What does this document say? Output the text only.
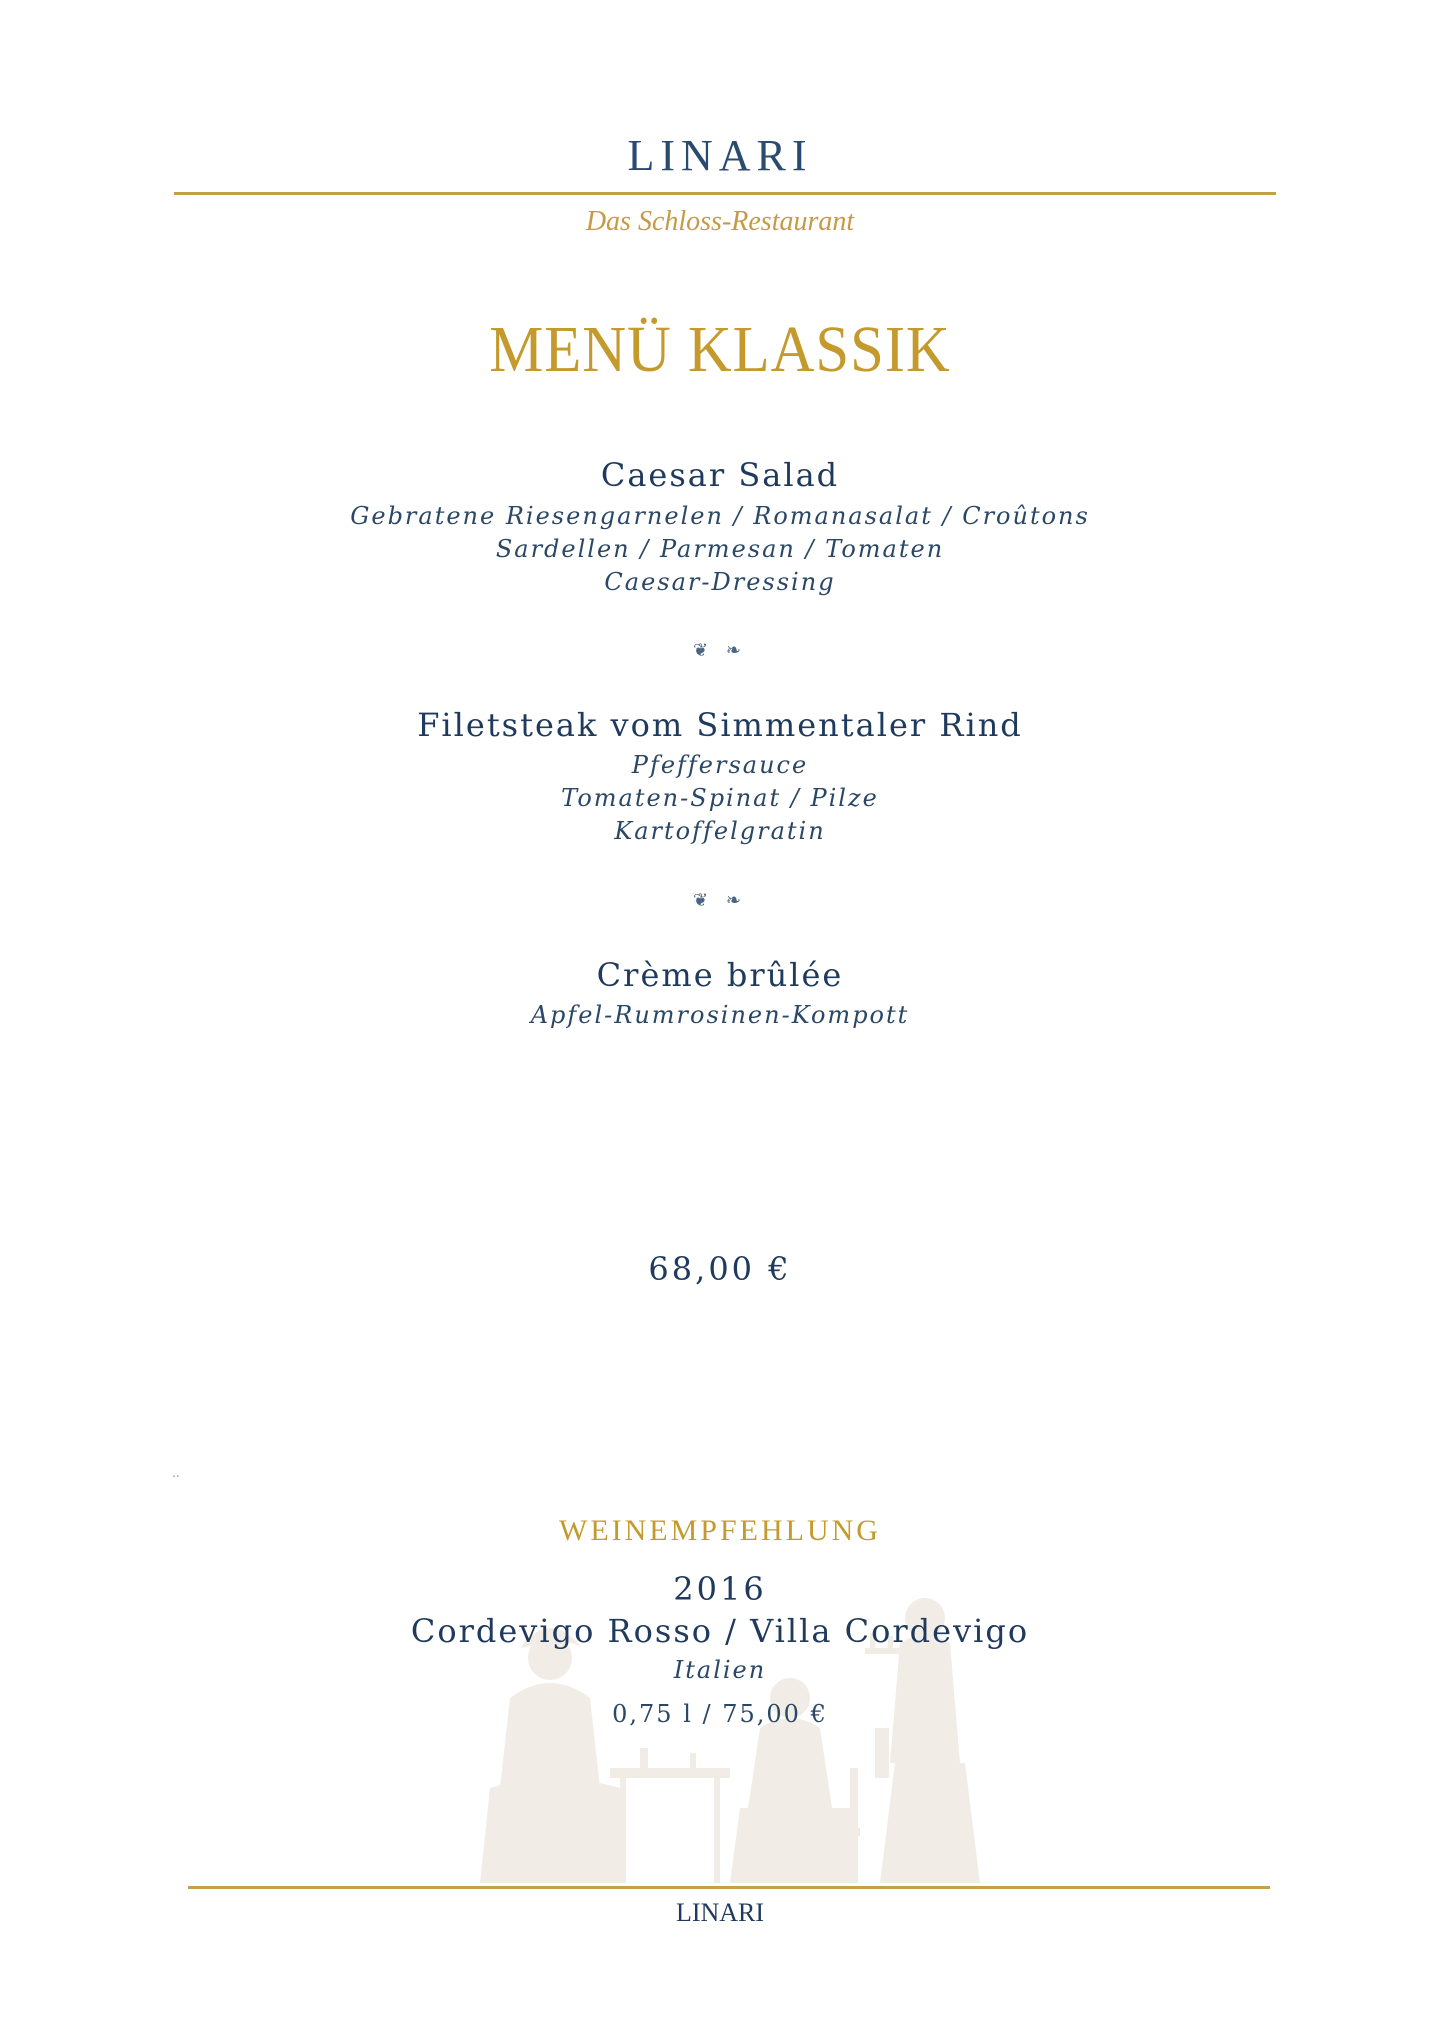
LINARI
Das Schloss-Restaurant
MENÜ KLASSIK
Caesar Salad
Gebratene Riesengarnelen / Romanasalat / Croûtons
Sardellen / Parmesan / Tomaten
Caesar-Dressing
❦ ❧
Filetsteak vom Simmentaler Rind
Pfeffersauce
Tomaten-Spinat / Pilze
Kartoffelgratin
❦ ❧
Crème brûlée
Apfel-Rumrosinen-Kompott
68,00 €
..
WEINEMPFEHLUNG
2016
Cordevigo Rosso / Villa Cordevigo
Italien
0,75 l / 75,00 €
LINARI
